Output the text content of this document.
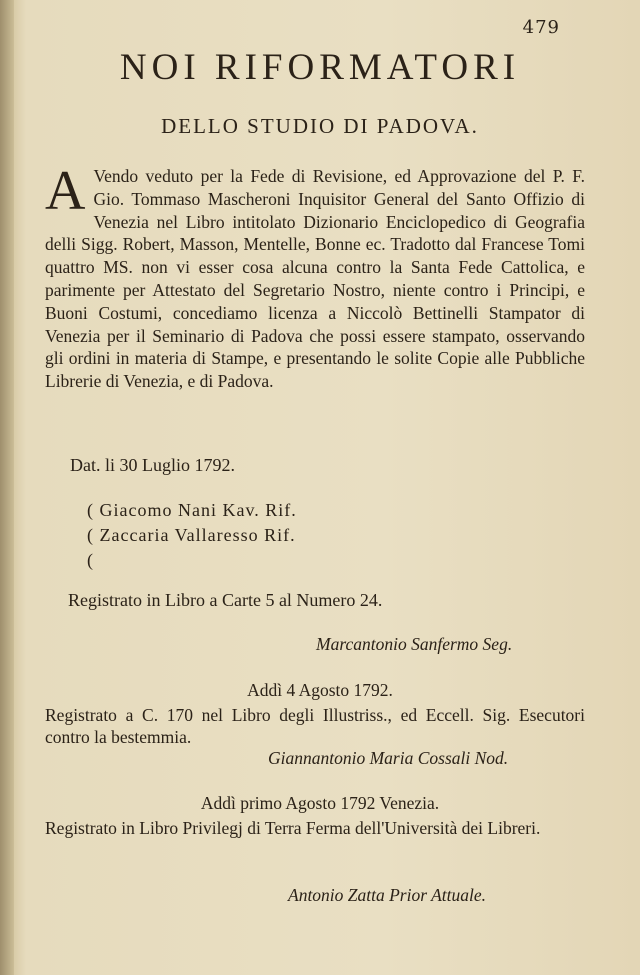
479
NOI RIFORMATORI
DELLO STUDIO DI PADOVA.
A Vendo veduto per la Fede di Revisione, ed Approvazione del P. F. Gio. Tommaso Mascheroni Inquisitor General del Santo Offizio di Venezia nel Libro intitolato Dizionario Enciclopedico di Geografia delli Sigg. Robert, Masson, Mentelle, Bonne ec. Tradotto dal Francese Tomi quattro MS. non vi esser cosa alcuna contro la Santa Fede Cattolica, e parimente per Attestato del Segretario Nostro, niente contro i Principi, e Buoni Costumi, concediamo licenza a Niccolò Bettinelli Stampator di Venezia per il Seminario di Padova che possi essere stampato, osservando gli ordini in materia di Stampe, e presentando le solite Copie alle Pubbliche Librerie di Venezia, e di Padova.
Dat. li 30 Luglio 1792.
( Giacomo Nani Kav. Rif.
( Zaccaria Vallaresso Rif.
(
Registrato in Libro a Carte 5 al Numero 24.
Marcantonio Sanfermo Seg.
Addì 4 Agosto 1792.
Registrato a C. 170 nel Libro degli Illustriss., ed Eccell. Sig. Esecutori contro la bestemmia.
Giannantonio Maria Cossali Nod.
Addì primo Agosto 1792 Venezia.
Registrato in Libro Privilegj di Terra Ferma dell'Università dei Libreri.
Antonio Zatta Prior Attuale.
